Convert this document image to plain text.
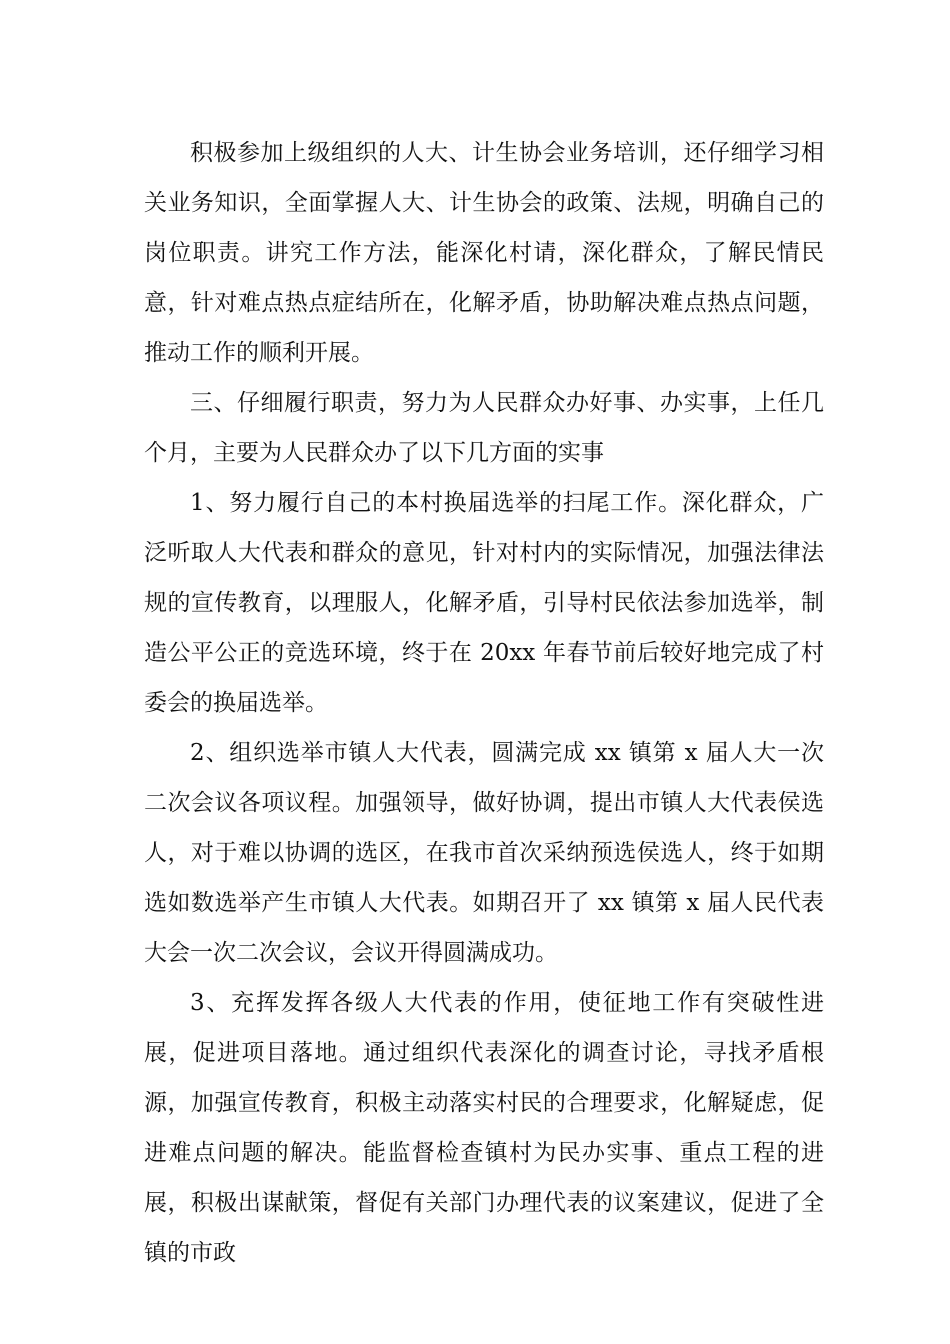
积极参加上级组织的人大、计生协会业务培训，还仔细学习相关业务知识，全面掌握人大、计生协会的政策、法规，明确自己的岗位职责。讲究工作方法，能深化村请，深化群众，了解民情民意，针对难点热点症结所在，化解矛盾，协助解决难点热点问题，推动工作的顺利开展。

三、仔细履行职责，努力为人民群众办好事、办实事，上任几个月，主要为人民群众办了以下几方面的实事

1、努力履行自己的本村换届选举的扫尾工作。深化群众，广泛听取人大代表和群众的意见，针对村内的实际情况，加强法律法规的宣传教育，以理服人，化解矛盾，引导村民依法参加选举，制造公平公正的竞选环境，终于在 20xx 年春节前后较好地完成了村委会的换届选举。

2、组织选举市镇人大代表，圆满完成 xx 镇第 x 届人大一次二次会议各项议程。加强领导，做好协调，提出市镇人大代表侯选人，对于难以协调的选区，在我市首次采纳预选侯选人，终于如期选如数选举产生市镇人大代表。如期召开了 xx 镇第 x 届人民代表大会一次二次会议，会议开得圆满成功。

3、充挥发挥各级人大代表的作用，使征地工作有突破性进展，促进项目落地。通过组织代表深化的调查讨论，寻找矛盾根源，加强宣传教育，积极主动落实村民的合理要求，化解疑虑，促进难点问题的解决。能监督检查镇村为民办实事、重点工程的进展，积极出谋献策，督促有关部门办理代表的议案建议，促进了全镇的市政
